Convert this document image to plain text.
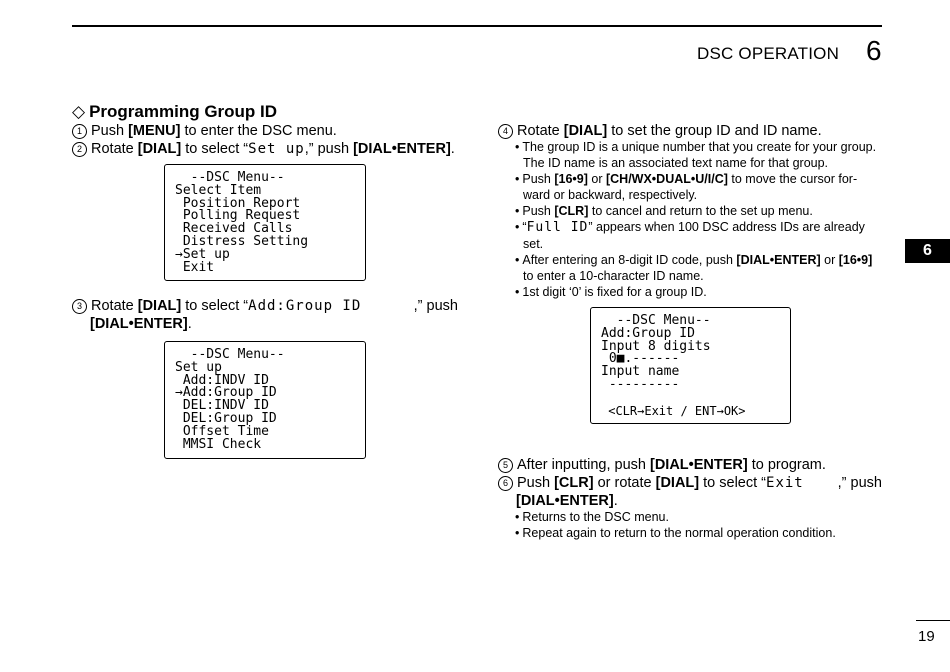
DSC OPERATION 6
6
19
◇ Programming Group ID
1 Push [MENU] to enter the DSC menu.
2 Rotate [DIAL] to select “Set up,” push [DIAL•ENTER].
--DSC Menu--
Select Item
Position Report
Polling Request
Received Calls
Distress Setting
→Set up
Exit
3 Rotate [DIAL] to select “Add:Group ID	,” push
[DIAL•ENTER].
--DSC Menu--
Set up
Add:INDV ID
→Add:Group ID
DEL:INDV ID
DEL:Group ID
Offset Time
MMSI Check
4 Rotate [DIAL] to set the group ID and ID name.
• The group ID is a unique number that you create for your group.
The ID name is an associated text name for that group.
• Push [16•9] or [CH/WX•DUAL•U/I/C] to move the cursor for-
ward or backward, respectively.
• Push [CLR] to cancel and return to the set up menu.
• “Full ID” appears when 100 DSC address IDs are already
set.
• After entering an 8-digit ID code, push [DIAL•ENTER] or [16•9]
to enter a 10-character ID name.
• 1st digit ‘0’ is fixed for a group ID.
--DSC Menu--
Add:Group ID
Input 8 digits
0■.------
Input name
---------
<CLR→Exit / ENT→OK>
5 After inputting, push [DIAL•ENTER] to program.
6 Push [CLR] or rotate [DIAL] to select “Exit ,” push
[DIAL•ENTER].
• Returns to the DSC menu.
• Repeat again to return to the normal operation condition.
